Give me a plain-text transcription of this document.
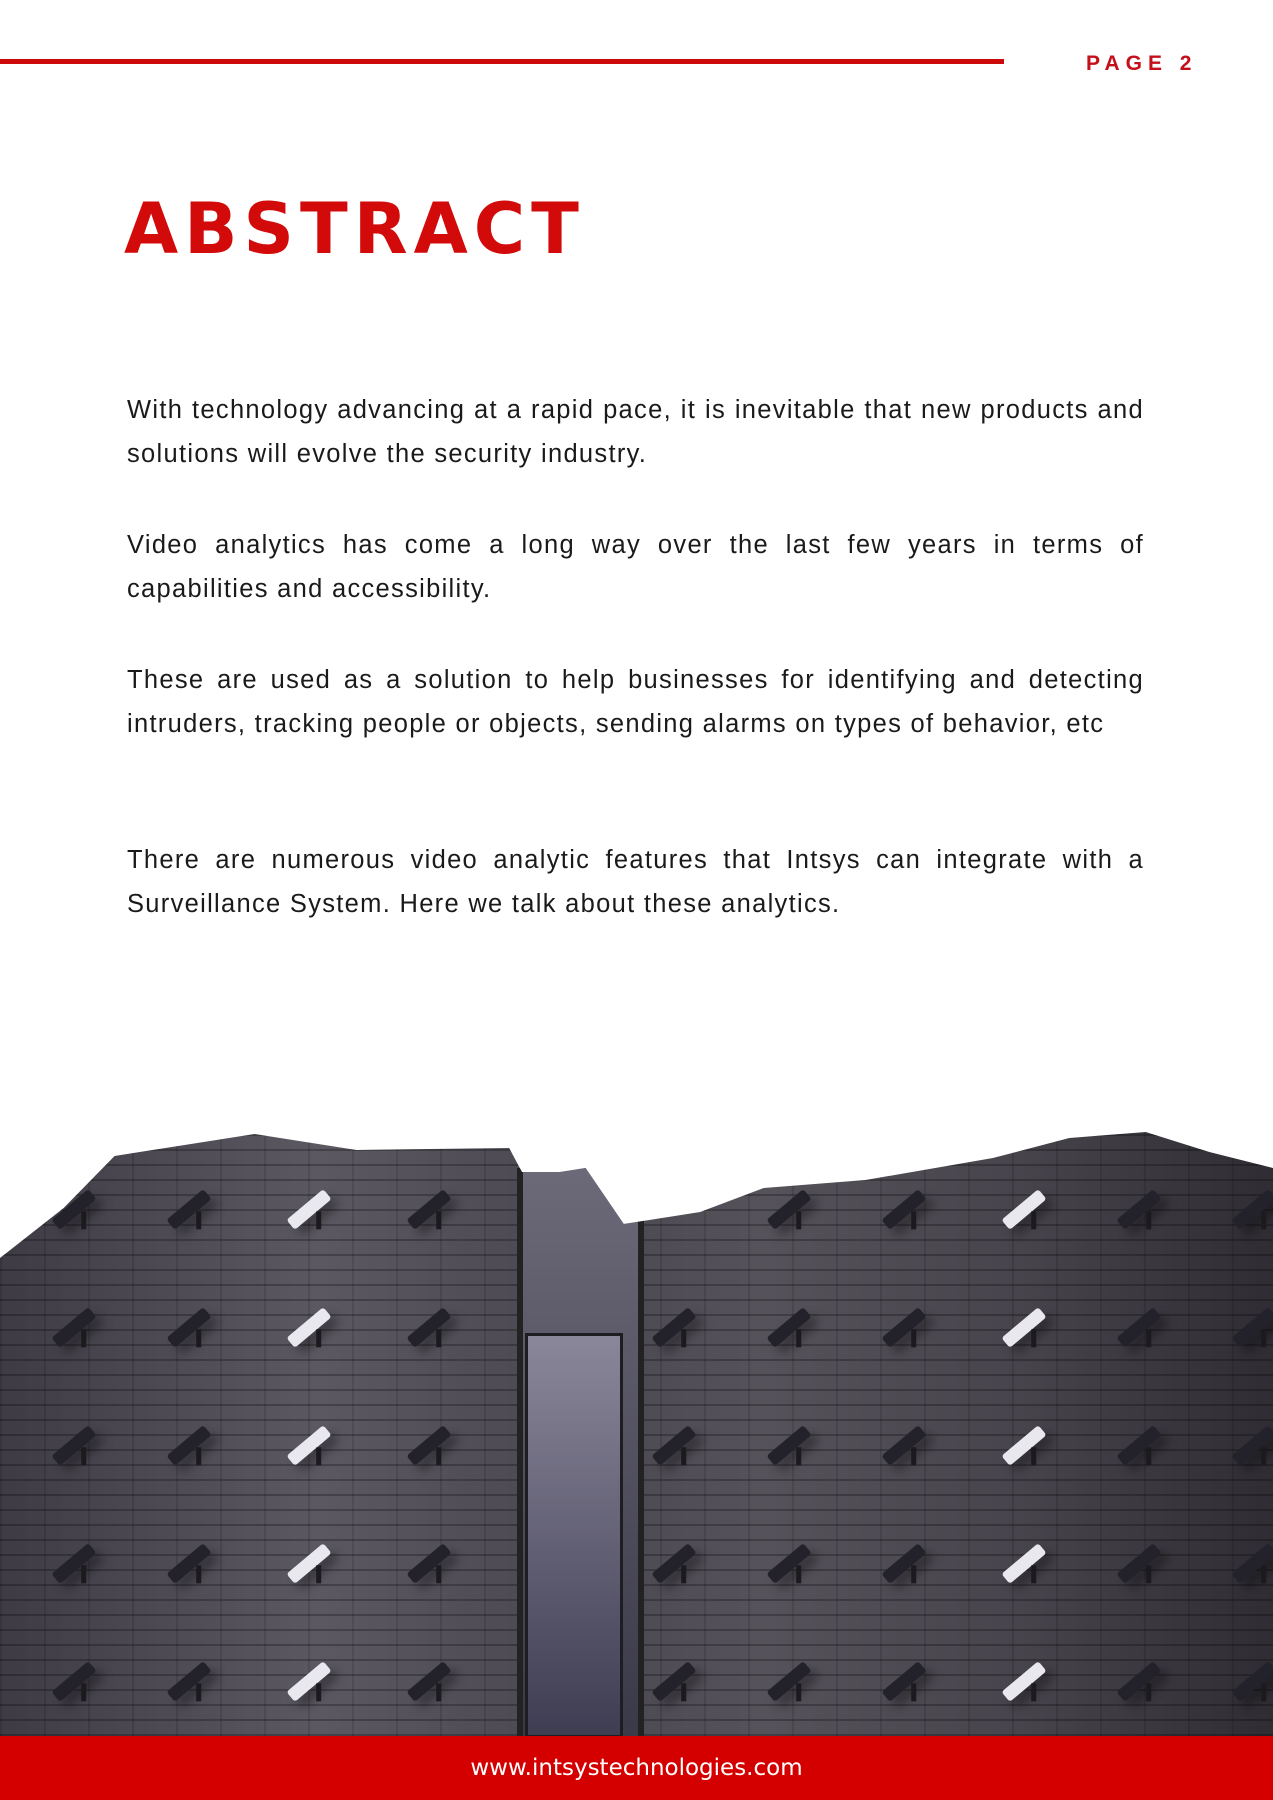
PAGE 2
ABSTRACT

With technology advancing at a rapid pace, it is inevitable that new products and solutions will evolve the security industry.

Video analytics has come a long way over the last few years in terms of capabilities and accessibility.

These are used as a solution to help businesses for identifying and detecting intruders, tracking people or objects, sending alarms on types of behavior, etc

There are numerous video analytic features that Intsys can integrate with a Surveillance System. Here we talk about these analytics.

www.intsystechnologies.com
